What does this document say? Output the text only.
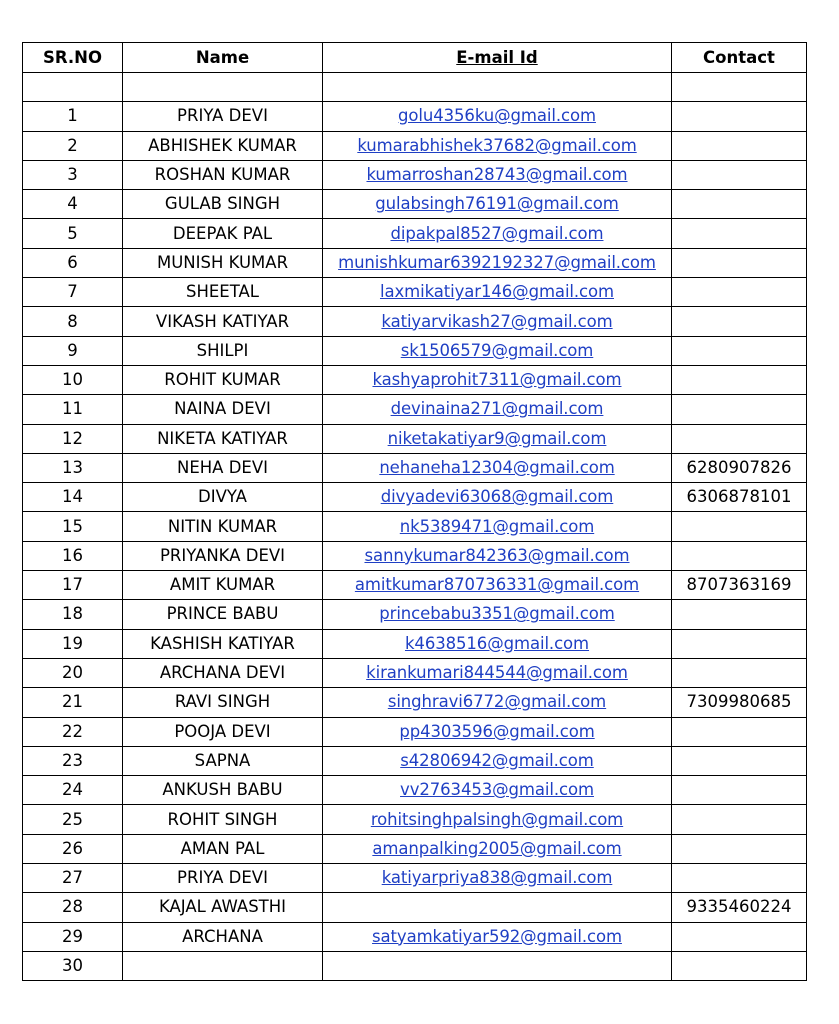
SR.NO	Name	E-mail Id	Contact

1	PRIYA DEVI	golu4356ku@gmail.com	
2	ABHISHEK KUMAR	kumarabhishek37682@gmail.com	
3	ROSHAN KUMAR	kumarroshan28743@gmail.com	
4	GULAB SINGH	gulabsingh76191@gmail.com	
5	DEEPAK PAL	dipakpal8527@gmail.com	
6	MUNISH KUMAR	munishkumar6392192327@gmail.com	
7	SHEETAL	laxmikatiyar146@gmail.com	
8	VIKASH KATIYAR	katiyarvikash27@gmail.com	
9	SHILPI	sk1506579@gmail.com	
10	ROHIT KUMAR	kashyaprohit7311@gmail.com	
11	NAINA DEVI	devinaina271@gmail.com	
12	NIKETA KATIYAR	niketakatiyar9@gmail.com	
13	NEHA DEVI	nehaneha12304@gmail.com	6280907826
14	DIVYA	divyadevi63068@gmail.com	6306878101
15	NITIN KUMAR	nk5389471@gmail.com	
16	PRIYANKA DEVI	sannykumar842363@gmail.com	
17	AMIT KUMAR	amitkumar870736331@gmail.com	8707363169
18	PRINCE BABU	princebabu3351@gmail.com	
19	KASHISH KATIYAR	k4638516@gmail.com	
20	ARCHANA DEVI	kirankumari844544@gmail.com	
21	RAVI SINGH	singhravi6772@gmail.com	7309980685
22	POOJA DEVI	pp4303596@gmail.com	
23	SAPNA	s42806942@gmail.com	
24	ANKUSH BABU	vv2763453@gmail.com	
25	ROHIT SINGH	rohitsinghpalsingh@gmail.com	
26	AMAN PAL	amanpalking2005@gmail.com	
27	PRIYA DEVI	katiyarpriya838@gmail.com	
28	KAJAL AWASTHI		9335460224
29	ARCHANA	satyamkatiyar592@gmail.com	
30			
